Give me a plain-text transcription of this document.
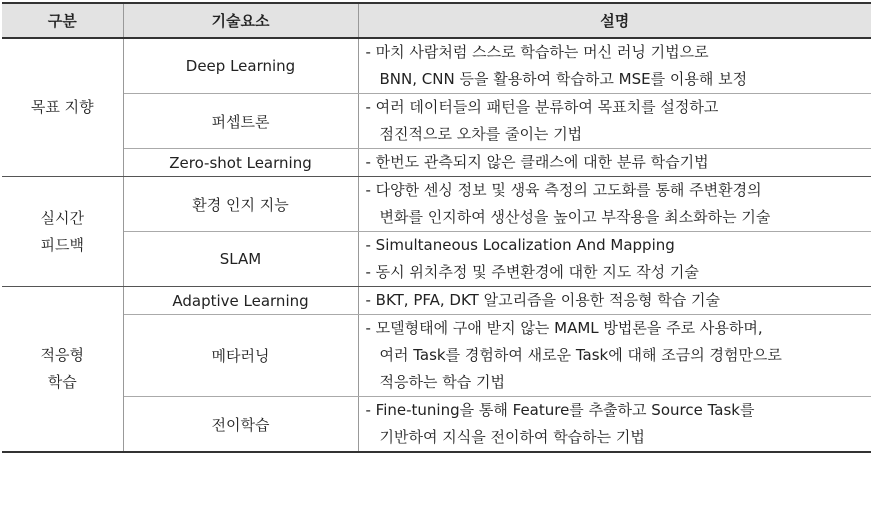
구분	기술요소	설명

목표 지향	Deep Learning	- 마치 사람처럼 스스로 학습하는 머신 러닝 기법으로
BNN, CNN 등을 활용하여 학습하고 MSE를 이용해 보정

	퍼셉트론	- 여러 데이터들의 패턴을 분류하여 목표치를 설정하고
점진적으로 오차를 줄이는 기법

	Zero-shot Learning	- 한번도 관측되지 않은 클래스에 대한 분류 학습기법

실시간
피드백	환경 인지 지능	- 다양한 센싱 정보 및 생육 측정의 고도화를 통해 주변환경의
변화를 인지하여 생산성을 높이고 부작용을 최소화하는 기술

	SLAM	- Simultaneous Localization And Mapping
- 동시 위치추정 및 주변환경에 대한 지도 작성 기술

적응형
학습	Adaptive Learning	- BKT, PFA, DKT 알고리즘을 이용한 적응형 학습 기술

	메타러닝	- 모델형태에 구애 받지 않는 MAML 방법론을 주로 사용하며,
여러 Task를 경험하여 새로운 Task에 대해 조금의 경험만으로
적응하는 학습 기법

	전이학습	- Fine-tuning을 통해 Feature를 추출하고 Source Task를
기반하여 지식을 전이하여 학습하는 기법
